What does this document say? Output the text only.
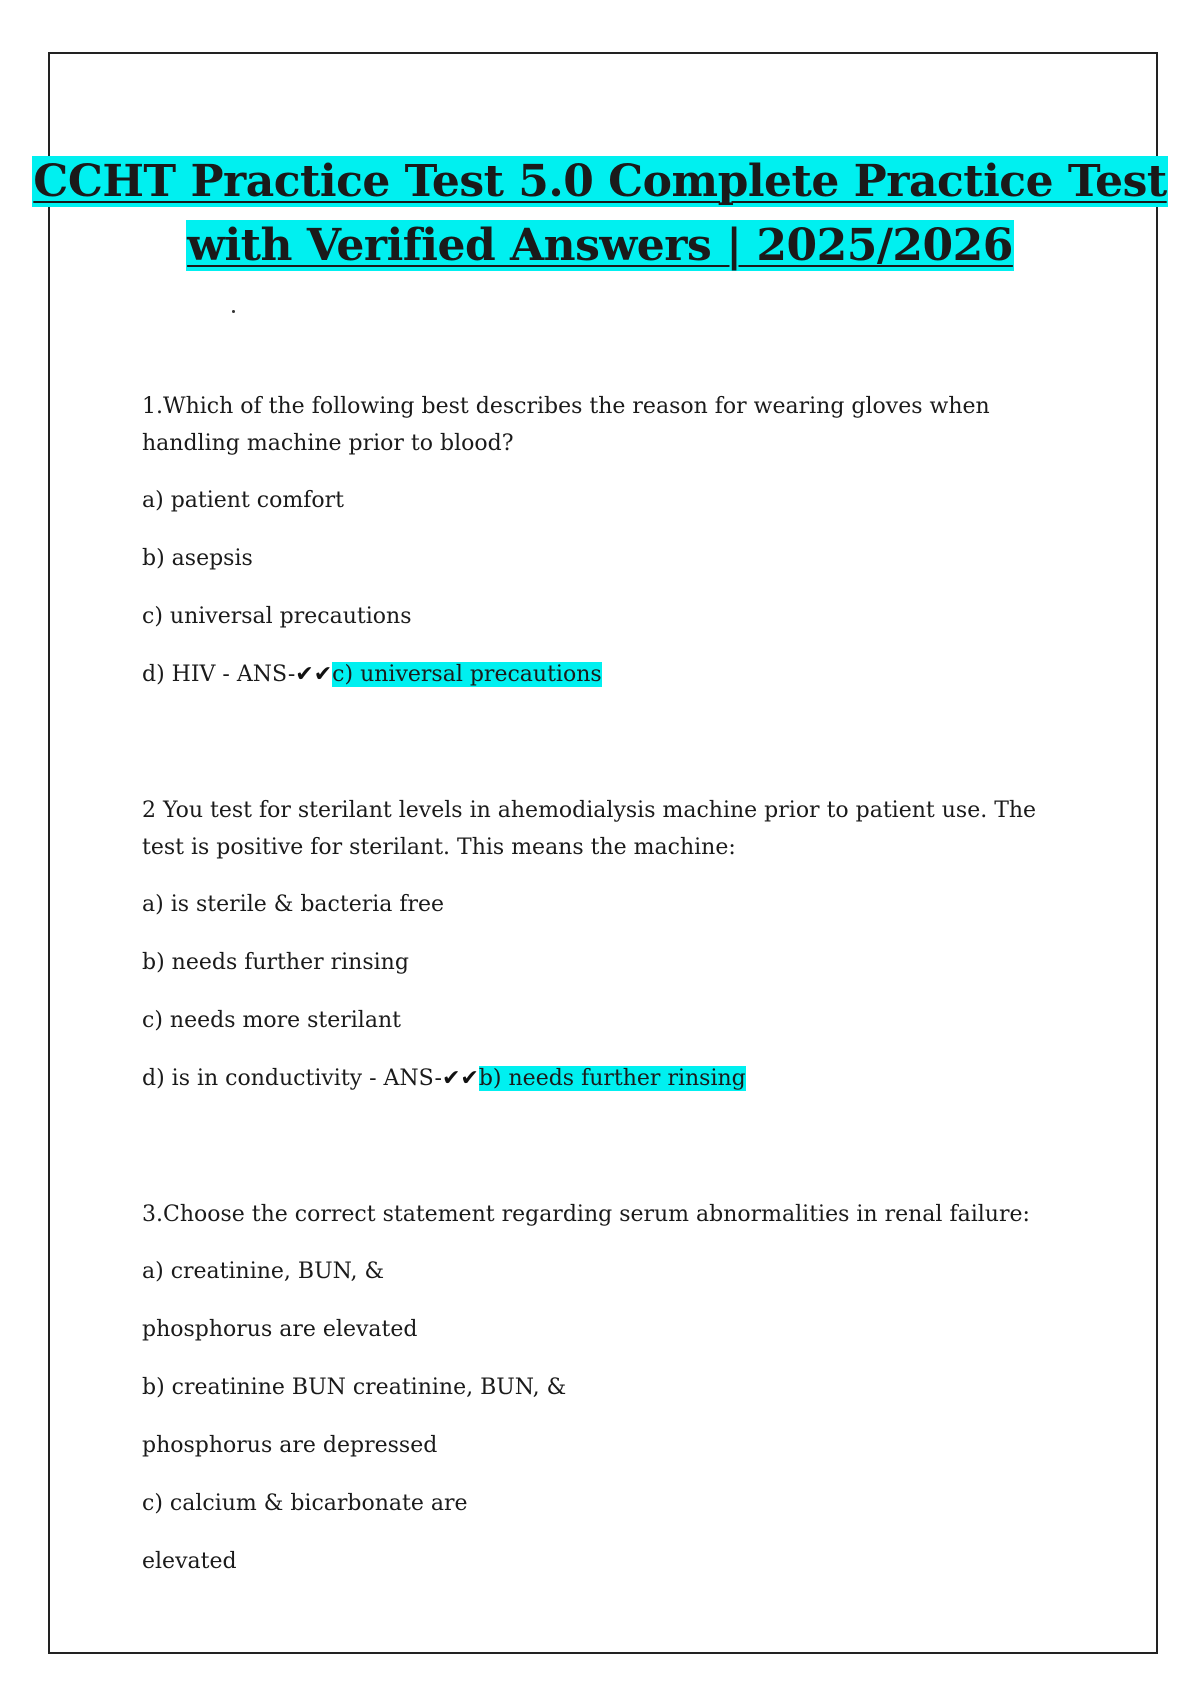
CCHT Practice Test 5.0 Complete Practice Test
with Verified Answers | 2025/2026
1.Which of the following best describes the reason for wearing gloves when handling machine prior to blood?
a) patient comfort
b) asepsis
c) universal precautions
d) HIV - ANS-✔✔c) universal precautions
2 You test for sterilant levels in ahemodialysis machine prior to patient use. The test is positive for sterilant. This means the machine:
a) is sterile & bacteria free
b) needs further rinsing
c) needs more sterilant
d) is in conductivity - ANS-✔✔b) needs further rinsing
3.Choose the correct statement regarding serum abnormalities in renal failure:
a) creatinine, BUN, &
phosphorus are elevated
b) creatinine BUN creatinine, BUN, &
phosphorus are depressed
c) calcium & bicarbonate are
elevated
